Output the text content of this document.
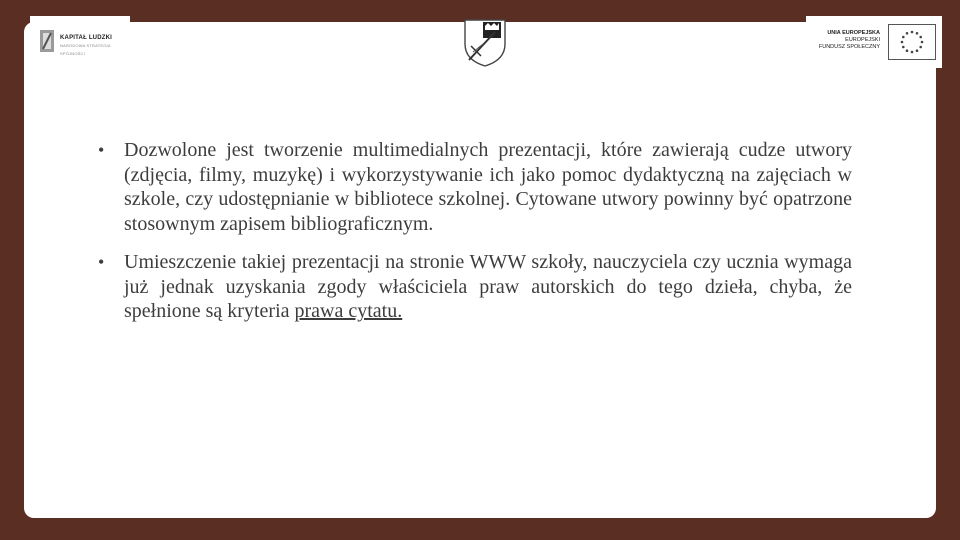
KAPITAŁ LUDZKI
NARODOWA STRATEGIA SPÓJNOŚCI
UNIA EUROPEJSKA
EUROPEJSKI
FUNDUSZ SPOŁECZNY

• Dozwolone jest tworzenie multimedialnych prezentacji, które zawierają cudze utwory (zdjęcia, filmy, muzykę) i wykorzystywanie ich jako pomoc dydaktyczną na zajęciach w szkole, czy udostępnianie w bibliotece szkolnej. Cytowane utwory powinny być opatrzone stosownym zapisem bibliograficznym.

• Umieszczenie takiej prezentacji na stronie WWW szkoły, nauczyciela czy ucznia wymaga już jednak uzyskania zgody właściciela praw autorskich do tego dzieła, chyba, że spełnione są kryteria prawa cytatu.
